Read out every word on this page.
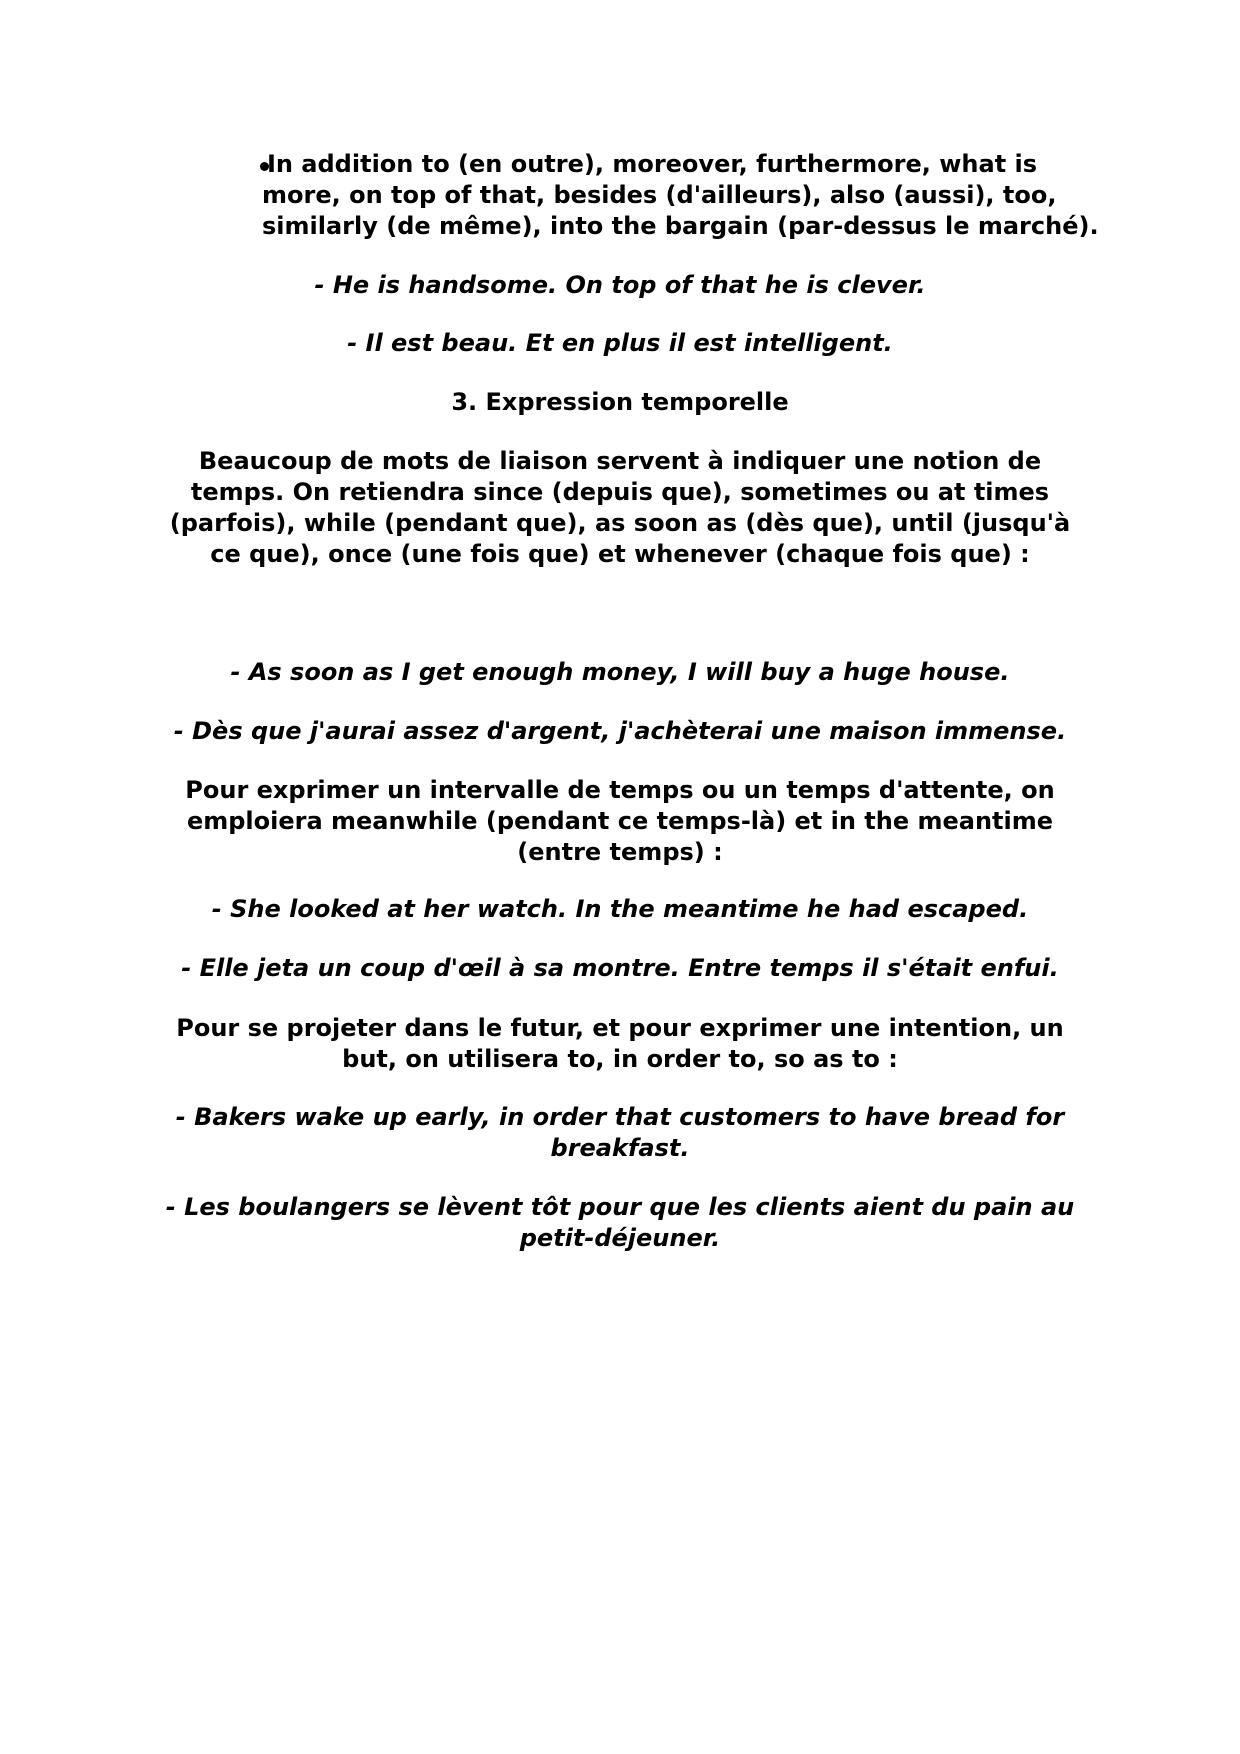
In addition to (en outre), moreover, furthermore, what is
more, on top of that, besides (d'ailleurs), also (aussi), too,
similarly (de même), into the bargain (par-dessus le marché).
- He is handsome. On top of that he is clever.
- Il est beau. Et en plus il est intelligent.
3. Expression temporelle
Beaucoup de mots de liaison servent à indiquer une notion de
temps. On retiendra since (depuis que), sometimes ou at times
(parfois), while (pendant que), as soon as (dès que), until (jusqu'à
ce que), once (une fois que) et whenever (chaque fois que) :
- As soon as I get enough money, I will buy a huge house.
- Dès que j'aurai assez d'argent, j'achèterai une maison immense.
Pour exprimer un intervalle de temps ou un temps d'attente, on
emploiera meanwhile (pendant ce temps-là) et in the meantime
(entre temps) :
- She looked at her watch. In the meantime he had escaped.
- Elle jeta un coup d'œil à sa montre. Entre temps il s'était enfui.
Pour se projeter dans le futur, et pour exprimer une intention, un
but, on utilisera to, in order to, so as to :
- Bakers wake up early, in order that customers to have bread for
breakfast.
- Les boulangers se lèvent tôt pour que les clients aient du pain au
petit-déjeuner.
